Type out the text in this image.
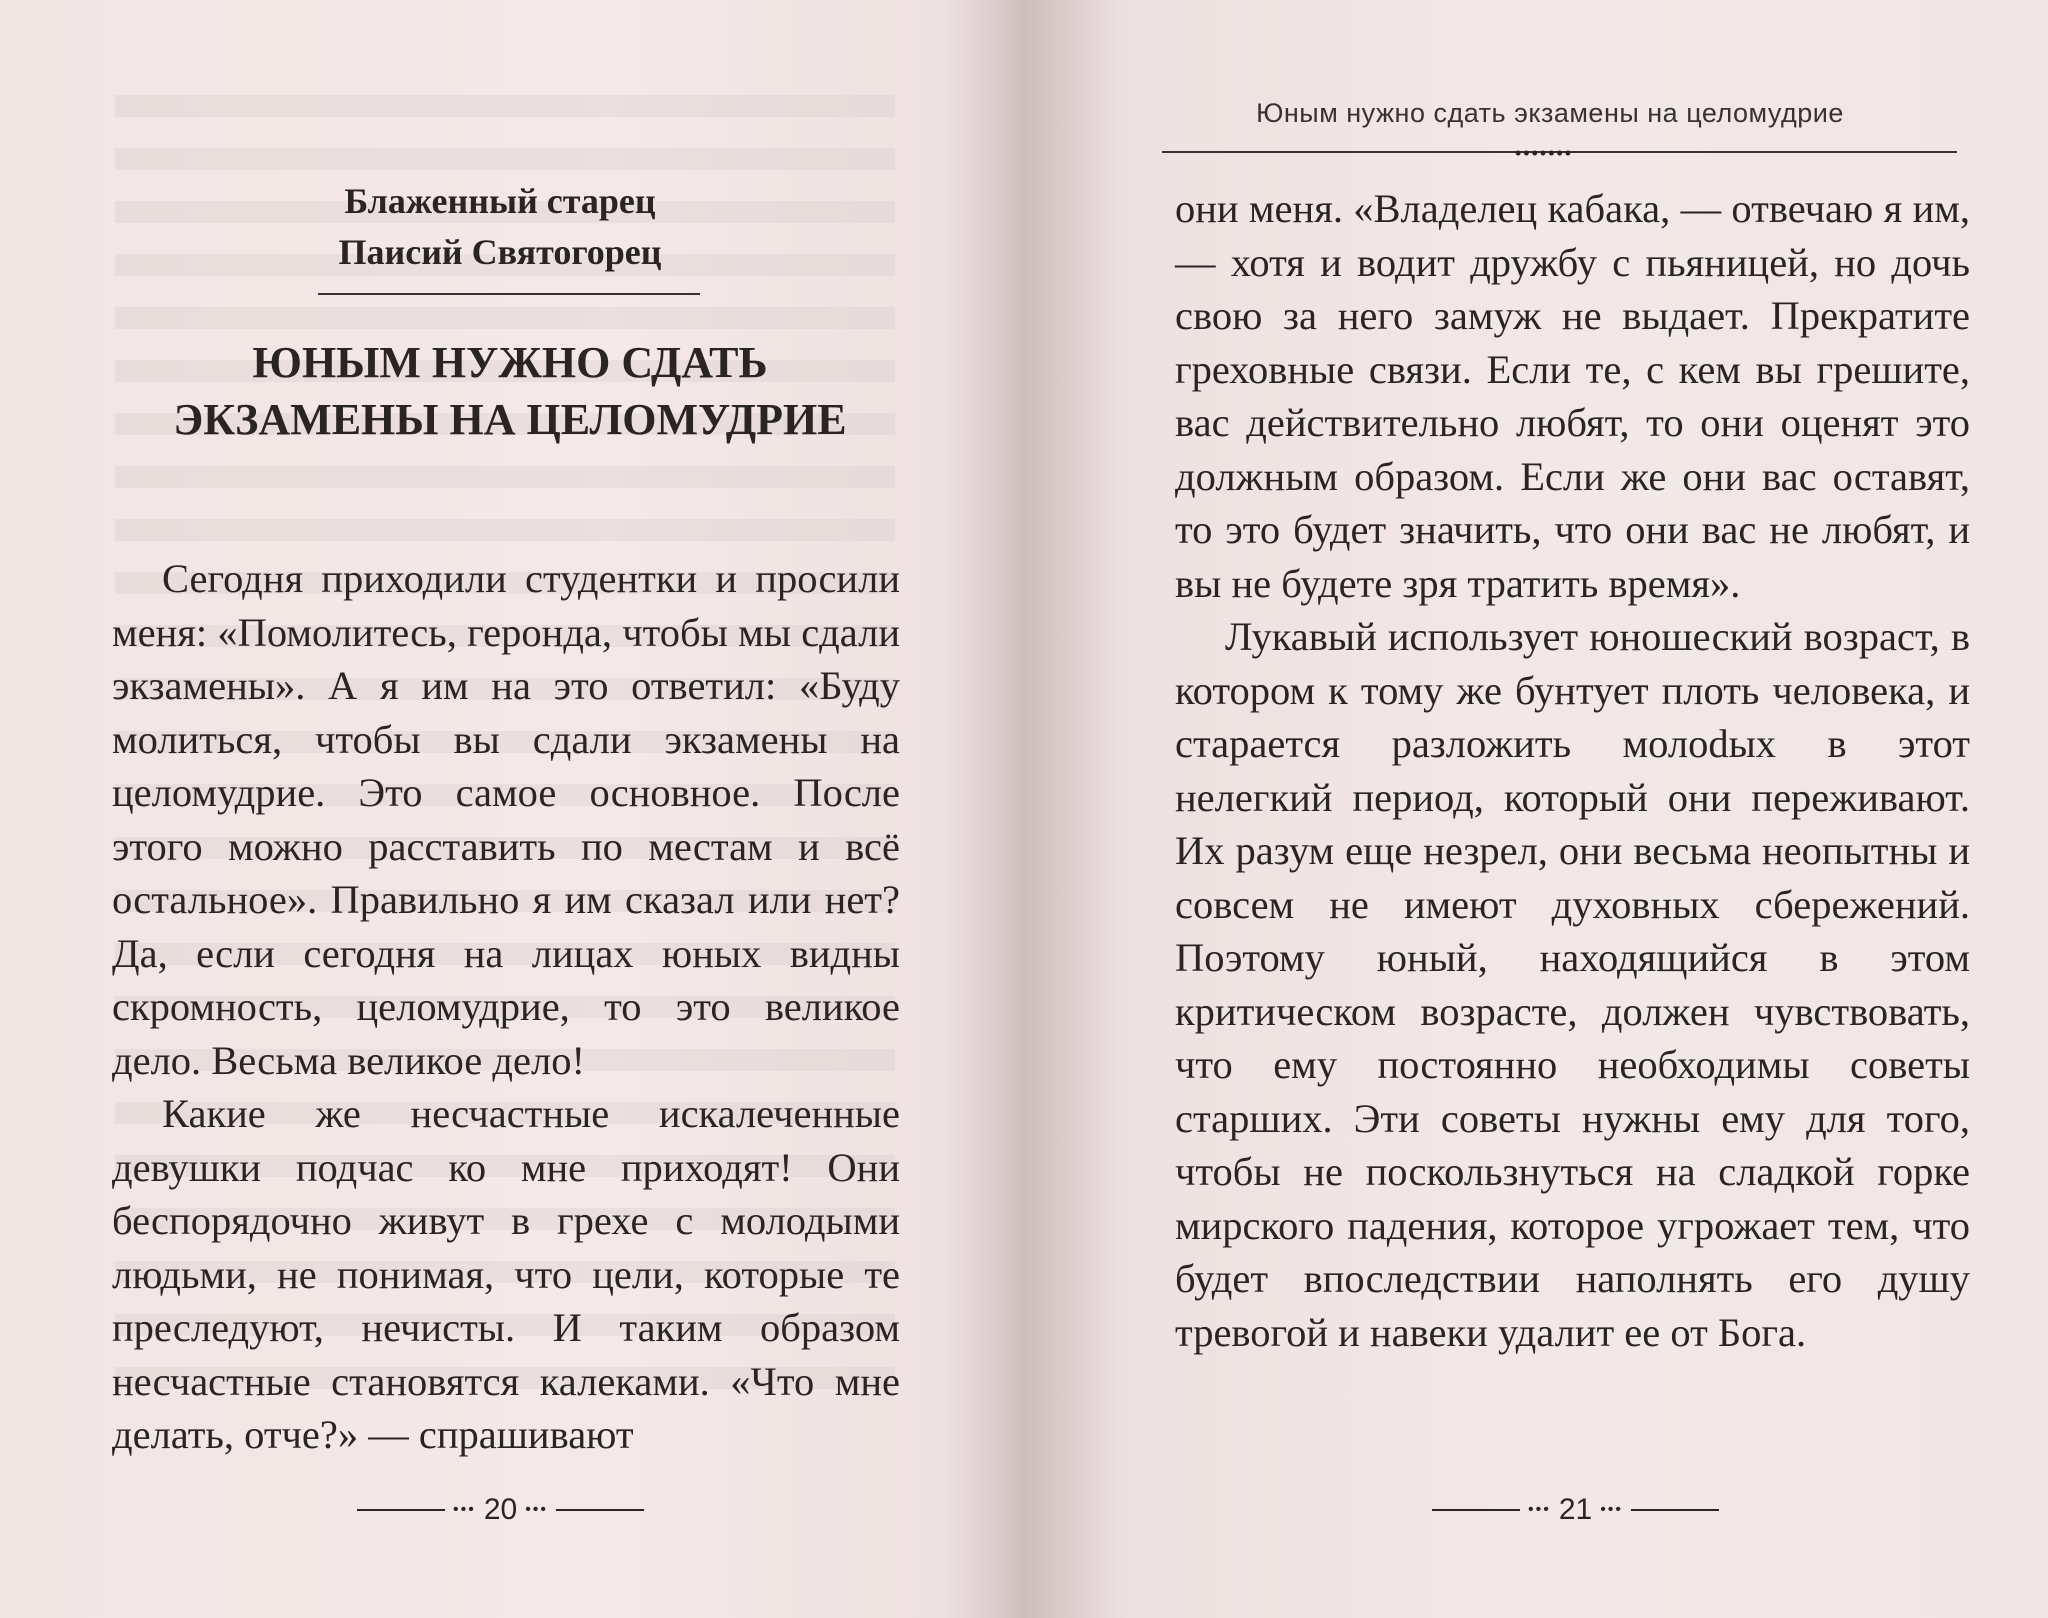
Блаженный старец
Паисий Святогорец
ЮНЫМ НУЖНО СДАТЬ
ЭКЗАМЕНЫ НА ЦЕЛОМУДРИЕ

Сегодня приходили студентки и просили меня: «Помолитесь, геронда, чтобы мы сдали экзамены». А я им на это ответил: «Буду молиться, чтобы вы сдали экзамены на целомудрие. Это самое основное. После этого можно расставить по местам и всё остальное». Правильно я им сказал или нет? Да, если сегодня на лицах юных видны скромность, целомудрие, то это великое дело. Весьма великое дело!

Какие же несчастные искалеченные девушки подчас ко мне приходят! Они беспорядочно живут в грехе с молодыми людьми, не понимая, что цели, которые те преследуют, нечисты. И таким образом несчастные становятся калеками. «Что мне делать, отче?» — спрашивают

••• 20 •••
Юным нужно сдать экзамены на целомудрие
•••••••

они меня. «Владелец кабака, — отвечаю я им, — хотя и водит дружбу с пьяницей, но дочь свою за него замуж не выдает. Прекратите греховные связи. Если те, с кем вы грешите, вас действительно любят, то они оценят это должным образом. Если же они вас оставят, то это будет значить, что они вас не любят, и вы не будете зря тратить время».

Лукавый использует юношеский возраст, в котором к тому же бунтует плоть человека, и старается разложить молоdых в этот нелегкий период, который они переживают. Их разум еще незрел, они весьма неопытны и совсем не имеют духовных сбережений. Поэтому юный, находящийся в этом критическом возрасте, должен чувствовать, что ему постоянно необходимы советы старших. Эти советы нужны ему для того, чтобы не поскользнуться на сладкой горке мирского падения, которое угрожает тем, что будет впоследствии наполнять его душу тревогой и навеки удалит ее от Бога.

••• 21 •••
